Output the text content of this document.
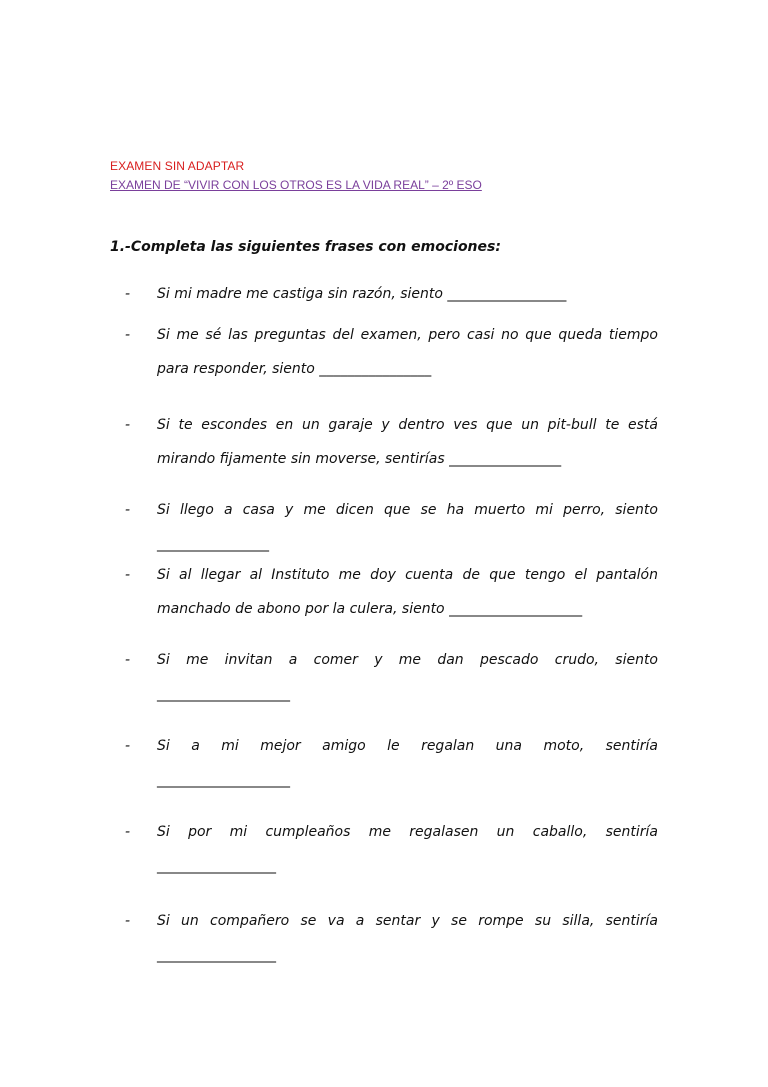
EXAMEN SIN ADAPTAR
EXAMEN DE “VIVIR CON LOS OTROS ES LA VIDA REAL” – 2º ESO
1.-Completa las siguientes frases con emociones:
- Si mi madre me castiga sin razón, siento _________________
- Si me sé las preguntas del examen, pero casi no que queda tiempo
para responder, siento ________________
- Si te escondes en un garaje y dentro ves que un pit-bull te está
mirando fijamente sin moverse, sentirías ________________
- Si llego a casa y me dicen que se ha muerto mi perro, siento
________________
- Si al llegar al Instituto me doy cuenta de que tengo el pantalón
manchado de abono por la culera, siento ___________________
- Si me invitan a comer y me dan pescado crudo, siento
___________________
- Si a mi mejor amigo le regalan una moto, sentiría
___________________
- Si por mi cumpleaños me regalasen un caballo, sentiría
_________________
- Si un compañero se va a sentar y se rompe su silla, sentiría
_________________
